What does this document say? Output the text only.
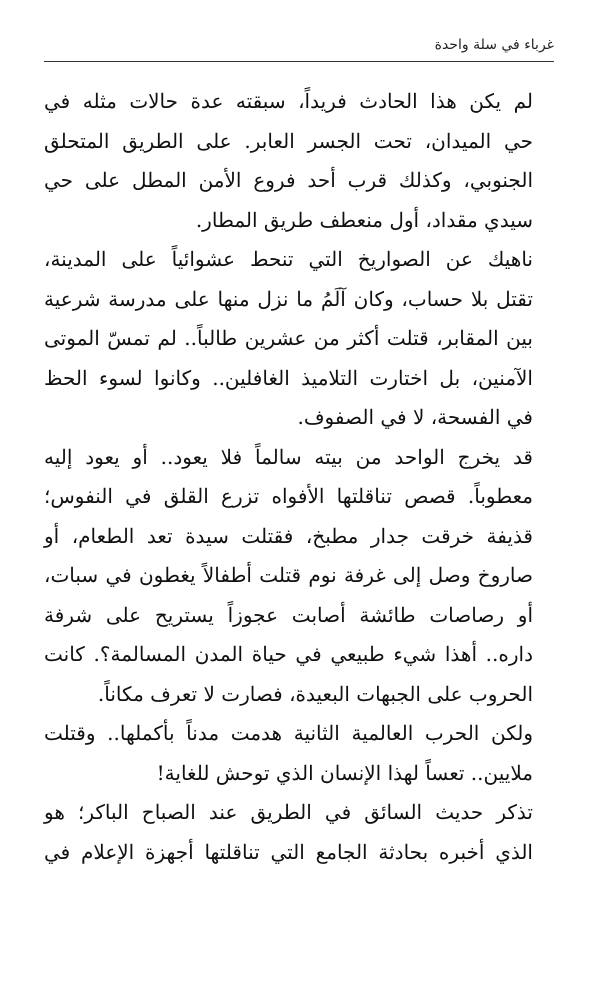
غرباء في سلة واحدة

لم يكن هذا الحادث فريداً، سبقته عدة حالات مثله في
حي الميدان، تحت الجسر العابر. على الطريق المتحلق
الجنوبي، وكذلك قرب أحد فروع الأمن المطل على حي
سيدي مقداد، أول منعطف طريق المطار.

ناهيك عن الصواريخ التي تنحط عشوائياً على المدينة،
تقتل بلا حساب، وكان آلَمُ ما نزل منها على مدرسة شرعية
بين المقابر، قتلت أكثر من عشرين طالباً.. لم تمسّ الموتى
الآمنين، بل اختارت التلاميذ الغافلين.. وكانوا لسوء الحظ
في الفسحة، لا في الصفوف.

قد يخرج الواحد من بيته سالماً فلا يعود.. أو يعود إليه
معطوباً. قصص تناقلتها الأفواه تزرع القلق في النفوس؛
قذيفة خرقت جدار مطبخ، فقتلت سيدة تعد الطعام، أو
صاروخ وصل إلى غرفة نوم قتلت أطفالاً يغطون في سبات،
أو رصاصات طائشة أصابت عجوزاً يستريح على شرفة
داره.. أهذا شيء طبيعي في حياة المدن المسالمة؟. كانت
الحروب على الجبهات البعيدة، فصارت لا تعرف مكاناً.

ولكن الحرب العالمية الثانية هدمت مدناً بأكملها.. وقتلت
ملايين.. تعساً لهذا الإنسان الذي توحش للغاية!

تذكر حديث السائق في الطريق عند الصباح الباكر؛ هو
الذي أخبره بحادثة الجامع التي تناقلتها أجهزة الإعلام في
